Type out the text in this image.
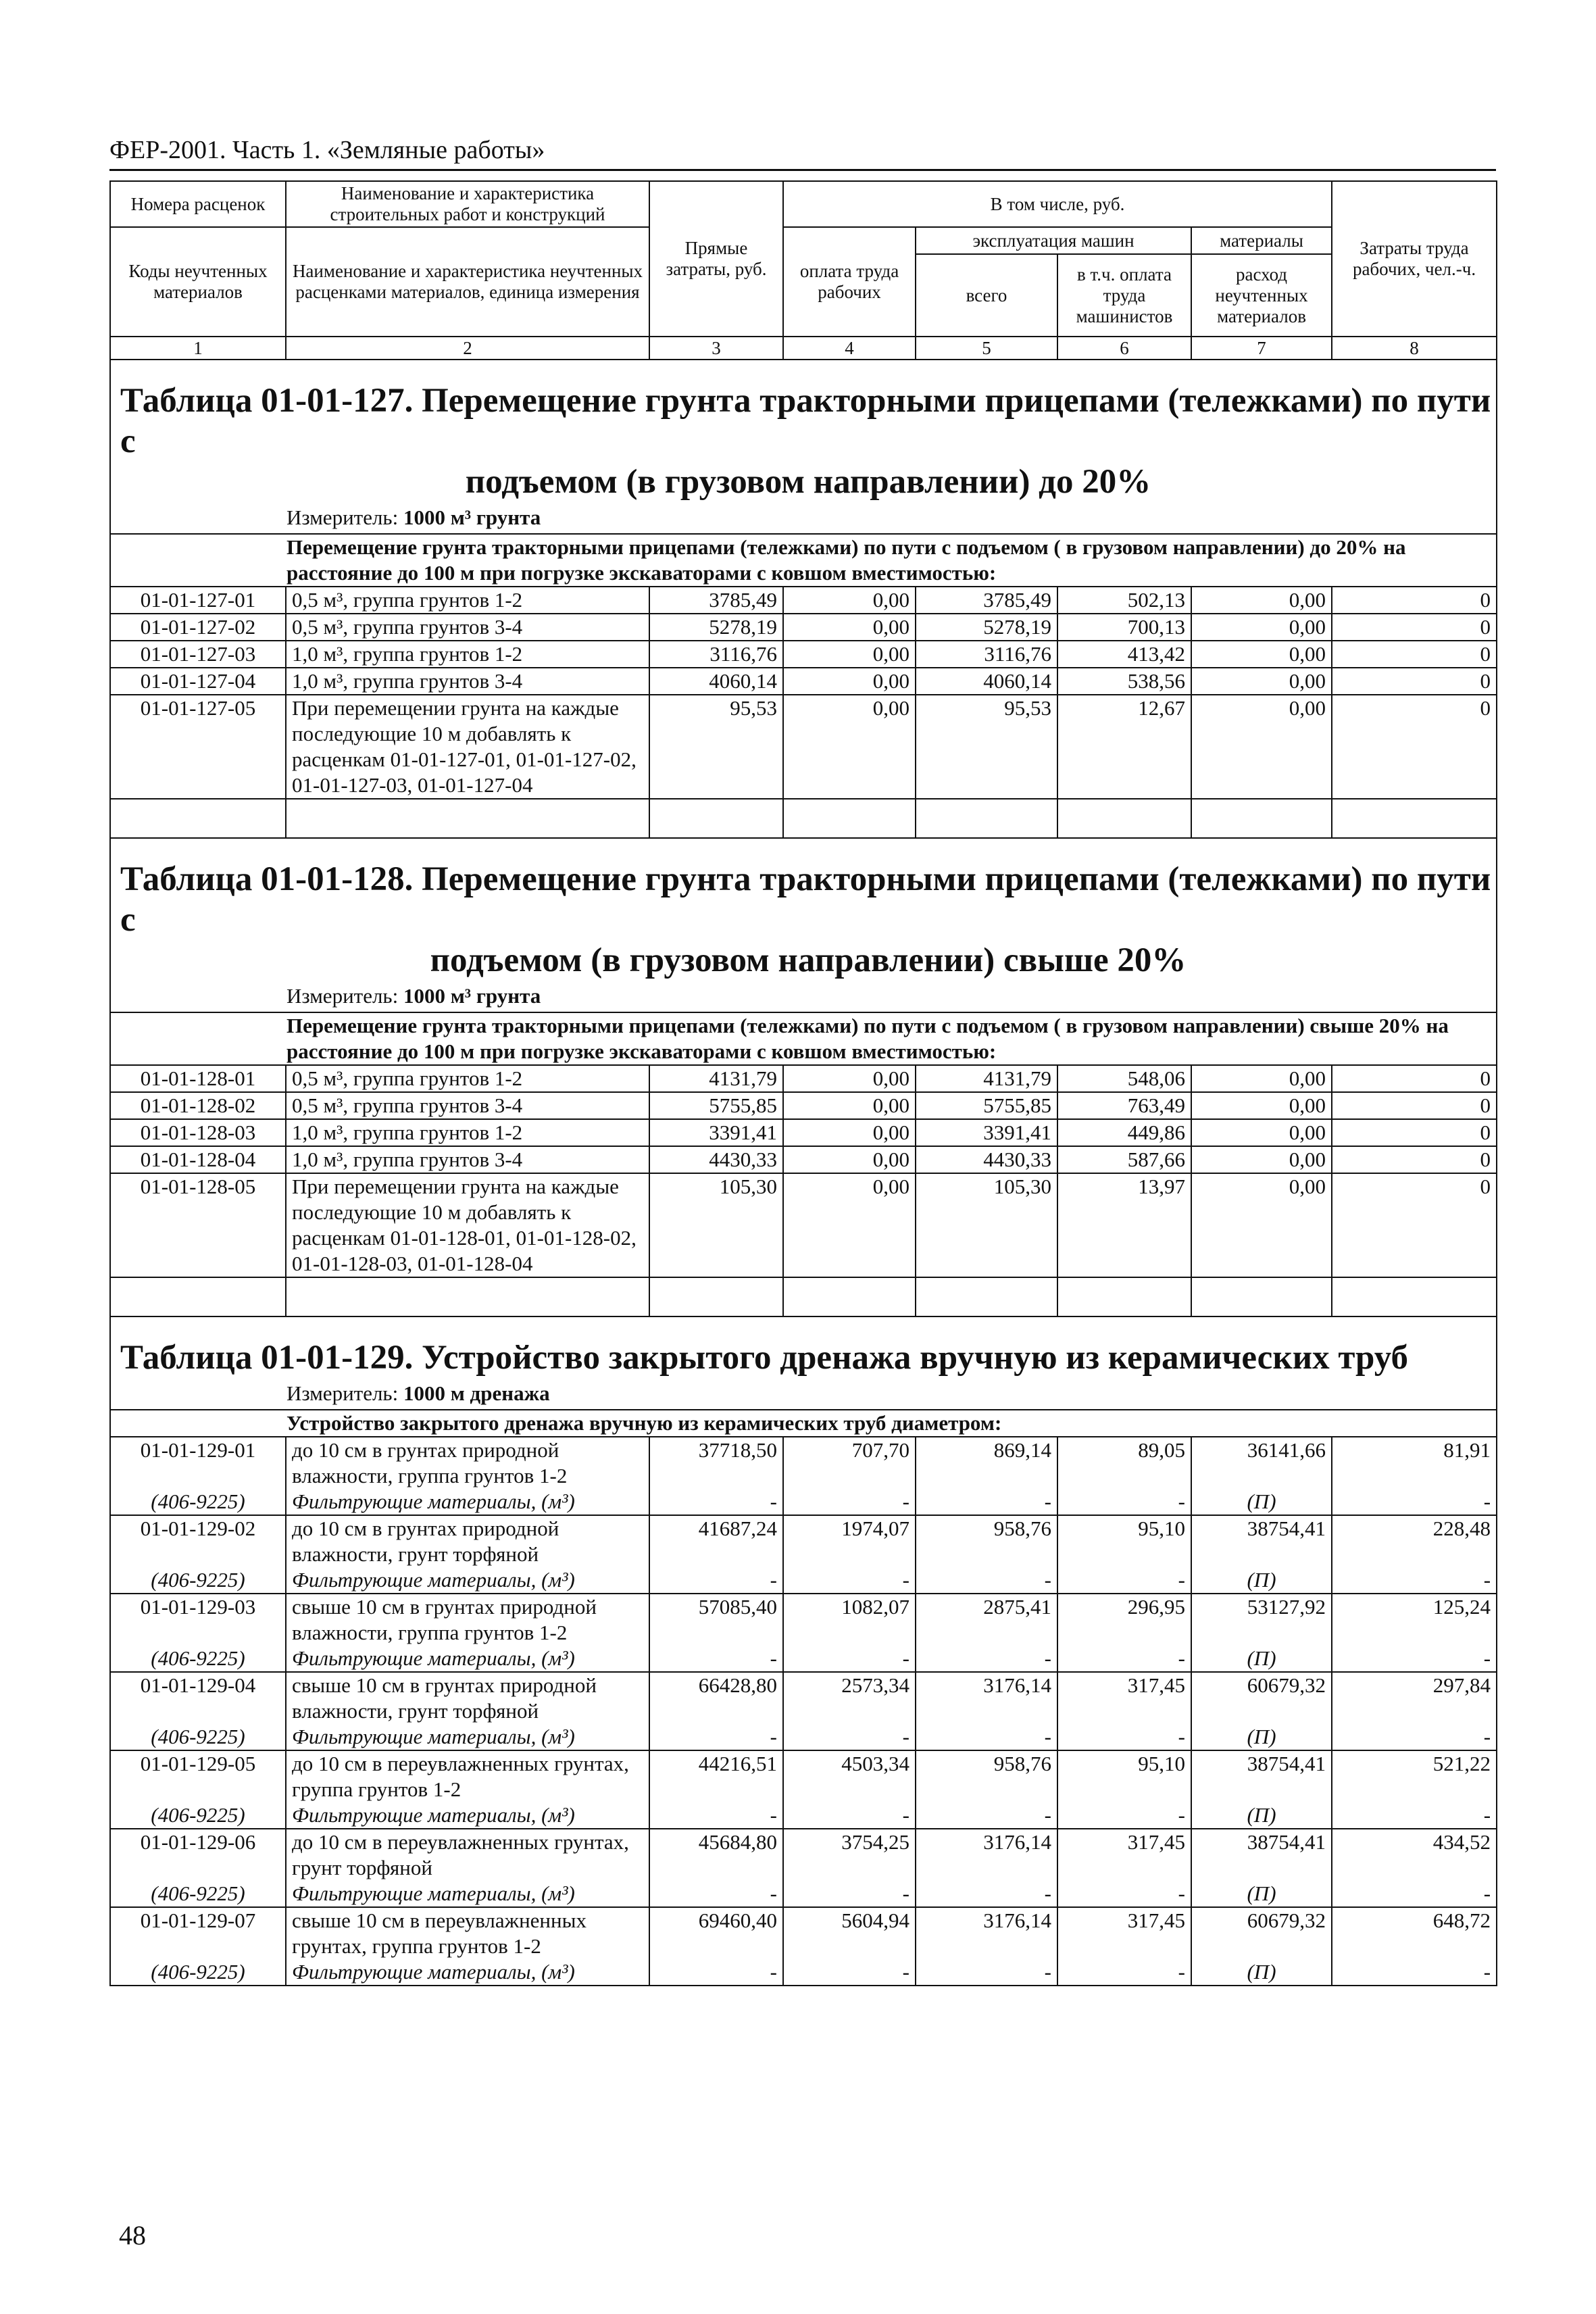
ФЕР-2001. Часть 1. «Земляные работы»
Номера расценок	Наименование и характеристика строительных работ и конструкций	Прямые затраты, руб.	В том числе, руб.				Затраты труда рабочих, чел.-ч.
Коды неучтенных материалов	Наименование и характеристика неучтенных расценками материалов, единица измерения		оплата труда рабочих	эксплуатация машин		материалы	
				всего	в т.ч. оплата труда машинистов	расход неучтенных материалов	
1	2	3	4	5	6	7	8

Таблица 01-01-127. Перемещение грунта тракторными прицепами (тележками) по пути с
подъемом (в грузовом направлении) до 20%
Измеритель: 1000 м³ грунта							

Перемещение грунта тракторными прицепами (тележками) по пути с подъемом ( в грузовом направлении) до 20% на расстояние до 100 м при погрузке экскаваторами с ковшом вместимостью:							
01-01-127-01	0,5 м³, группа грунтов 1-2	3785,49	0,00	3785,49	502,13	0,00	0
01-01-127-02	0,5 м³, группа грунтов 3-4	5278,19	0,00	5278,19	700,13	0,00	0
01-01-127-03	1,0 м³, группа грунтов 1-2	3116,76	0,00	3116,76	413,42	0,00	0
01-01-127-04	1,0 м³, группа грунтов 3-4	4060,14	0,00	4060,14	538,56	0,00	0
01-01-127-05	При перемещении грунта на каждые последующие 10 м добавлять к расценкам 01-01-127-01, 01-01-127-02, 01-01-127-03, 01-01-127-04	95,53	0,00	95,53	12,67	0,00	0

Таблица 01-01-128. Перемещение грунта тракторными прицепами (тележками) по пути с
подъемом (в грузовом направлении) свыше 20%
Измеритель: 1000 м³ грунта							

Перемещение грунта тракторными прицепами (тележками) по пути с подъемом ( в грузовом направлении) свыше 20% на расстояние до 100 м при погрузке экскаваторами с ковшом вместимостью:							
01-01-128-01	0,5 м³, группа грунтов 1-2	4131,79	0,00	4131,79	548,06	0,00	0
01-01-128-02	0,5 м³, группа грунтов 3-4	5755,85	0,00	5755,85	763,49	0,00	0
01-01-128-03	1,0 м³, группа грунтов 1-2	3391,41	0,00	3391,41	449,86	0,00	0
01-01-128-04	1,0 м³, группа грунтов 3-4	4430,33	0,00	4430,33	587,66	0,00	0
01-01-128-05	При перемещении грунта на каждые последующие 10 м добавлять к расценкам 01-01-128-01, 01-01-128-02, 01-01-128-03, 01-01-128-04	105,30	0,00	105,30	13,97	0,00	0

Таблица 01-01-129. Устройство закрытого дренажа вручную из керамических труб
Измеритель: 1000 м дренажа							

Устройство закрытого дренажа вручную из керамических труб диаметром:							
01-01-129-01	до 10 см в грунтах природной влажности, группа грунтов 1-2	37718,50	707,70	869,14	89,05	36141,66	81,91
(406-9225)	Фильтрующие материалы, (м³)	-	-	-	-	(П)	-
01-01-129-02	до 10 см в грунтах природной влажности, грунт торфяной	41687,24	1974,07	958,76	95,10	38754,41	228,48
(406-9225)	Фильтрующие материалы, (м³)	-	-	-	-	(П)	-
01-01-129-03	свыше 10 см в грунтах природной влажности, группа грунтов 1-2	57085,40	1082,07	2875,41	296,95	53127,92	125,24
(406-9225)	Фильтрующие материалы, (м³)	-	-	-	-	(П)	-
01-01-129-04	свыше 10 см в грунтах природной влажности, грунт торфяной	66428,80	2573,34	3176,14	317,45	60679,32	297,84
(406-9225)	Фильтрующие материалы, (м³)	-	-	-	-	(П)	-
01-01-129-05	до 10 см в переувлажненных грунтах, группа грунтов 1-2	44216,51	4503,34	958,76	95,10	38754,41	521,22
(406-9225)	Фильтрующие материалы, (м³)	-	-	-	-	(П)	-
01-01-129-06	до 10 см в переувлажненных грунтах, грунт торфяной	45684,80	3754,25	3176,14	317,45	38754,41	434,52
(406-9225)	Фильтрующие материалы, (м³)	-	-	-	-	(П)	-
01-01-129-07	свыше 10 см в переувлажненных грунтах, группа грунтов 1-2	69460,40	5604,94	3176,14	317,45	60679,32	648,72
(406-9225)	Фильтрующие материалы, (м³)	-	-	-	-	(П)	-
48
